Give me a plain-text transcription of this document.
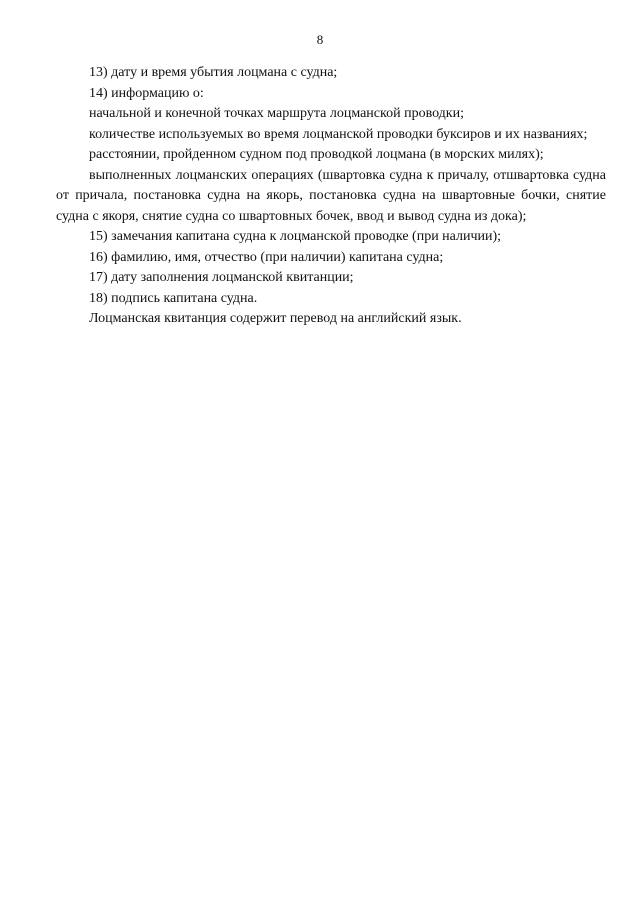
8

13) дату и время убытия лоцмана с судна;

14) информацию о:

начальной и конечной точках маршрута лоцманской проводки;

количестве используемых во время лоцманской проводки буксиров и их названиях;

расстоянии, пройденном судном под проводкой лоцмана (в морских милях);

выполненных лоцманских операциях (швартовка судна к причалу, отшвартовка судна от причала, постановка судна на якорь, постановка судна на швартовные бочки, снятие судна с якоря, снятие судна со швартовных бочек, ввод и вывод судна из дока);

15) замечания капитана судна к лоцманской проводке (при наличии);

16) фамилию, имя, отчество (при наличии) капитана судна;

17) дату заполнения лоцманской квитанции;

18) подпись капитана судна.

Лоцманская квитанция содержит перевод на английский язык.
